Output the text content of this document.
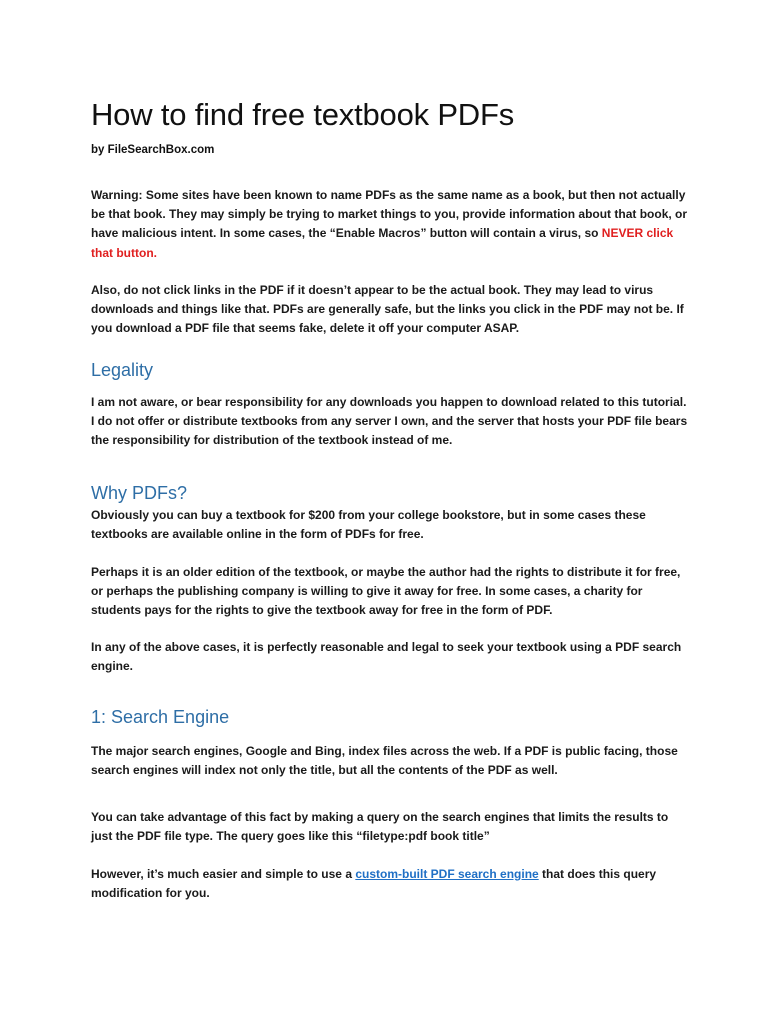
How to find free textbook PDFs
by FileSearchBox.com

Warning: Some sites have been known to name PDFs as the same name as a book, but then not actually be that book. They may simply be trying to market things to you, provide information about that book, or have malicious intent. In some cases, the “Enable Macros” button will contain a virus, so NEVER click that button.

Also, do not click links in the PDF if it doesn’t appear to be the actual book. They may lead to virus downloads and things like that. PDFs are generally safe, but the links you click in the PDF may not be. If you download a PDF file that seems fake, delete it off your computer ASAP.

Legality

I am not aware, or bear responsibility for any downloads you happen to download related to this tutorial. I do not offer or distribute textbooks from any server I own, and the server that hosts your PDF file bears the responsibility for distribution of the textbook instead of me.

Why PDFs?

Obviously you can buy a textbook for $200 from your college bookstore, but in some cases these textbooks are available online in the form of PDFs for free.

Perhaps it is an older edition of the textbook, or maybe the author had the rights to distribute it for free, or perhaps the publishing company is willing to give it away for free. In some cases, a charity for students pays for the rights to give the textbook away for free in the form of PDF.

In any of the above cases, it is perfectly reasonable and legal to seek your textbook using a PDF search engine.

1: Search Engine

The major search engines, Google and Bing, index files across the web. If a PDF is public facing, those search engines will index not only the title, but all the contents of the PDF as well.

You can take advantage of this fact by making a query on the search engines that limits the results to just the PDF file type. The query goes like this “filetype:pdf book title”

However, it’s much easier and simple to use a custom-built PDF search engine that does this query modification for you.
